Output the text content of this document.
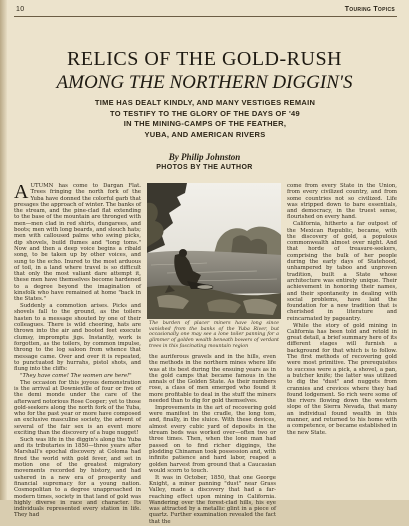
10	Touring Topics
RELICS OF THE GOLD-RUSH
AMONG THE NORTHERN DIGGIN'S
TIME HAS DEALT KINDLY, AND MANY VESTIGES REMAIN
TO TESTIFY TO THE GLORY OF THE DAYS OF '49
IN THE MINING-CAMPS OF THE FEATHER,
YUBA, AND AMERICAN RIVERS
By Philip Johnston
PHOTOS BY THE AUTHOR

AUTUMN has come to Dargan Flat. Trees fringing the north fork of the Yuba have donned the colorful garb that presages the approach of winter. The banks of the stream, and the pine-clad flat extending to the base of the mountain are thronged with men—men clad in red shirts, dungarees, and boots; men with long beards, and slouch hats; men with calloused palms who swing picks, dip shovels, build flumes and "long toms." Now and then a deep voice begins a ribald song, to be taken up by other voices, and sung to the echo. Inured to the most arduous of toil, in a land where travel is so difficult that only the most valiant dare attempt it, these men have themselves become hardened to a degree beyond the imagination of kinsfolk who have remained at home "back in the States."

Suddenly a commotion arises. Picks and shovels fall to the ground, as the toilers hasten to a message shouted by one of their colleagues. There is wild cheering, hats are thrown into the air and booted feet execute clumsy, impromptu jigs. Instantly, work is forgotten, as the toilers, by common impulse, throng to the log saloon from whence that message came. Over and over it is repeated, to punctuated by hurrahs, pistol shots, and flung into the cliffs:

"They have come! The women are here!"

The occasion for this joyous demonstration is the arrival at Downieville of four or five of the demi monde under the care of the afterward notorious Rose Cooper; yet to those gold-seekers along the north fork of the Yuba, who for the past year or more have composed an exclusive masculine society, the advent of several of the fair sex is an event more exciting than the discovery of a huge nugget!

Such was life in the diggin's along the Yuba and its tributaries in 1850—three years after Marshall's epochal discovery at Coloma had fired the world with gold fever, and set in motion one of the greatest migratory movements recorded by history, and had ushered in a new era of prosperity and financial supremacy for a young nation. Cosmopolitan to a degree unapproached in modern times, society in that land of gold was highly diverse in race and character. Its individuals represented every station in life. They had

The burden of placer miners have long since vanished from the banks of the Yuba River, but occasionally one may see a lone toiler panning for a glimmer of golden wealth beneath bowers of verdant trees in this fascinating mountain region

the auriferous gravels and in the hills, even the methods in the northern mines where life was at its best during the ensuing years as in the gold camps that became famous in the annals of the Golden State. As their numbers rose, a class of men emerged who found it more profitable to deal in the stuff the miners needed than to dig for gold themselves.

Improvements in the art of recovering gold were manifest in the cradle, the long tom, and, finally, in the sluice. With these devices, almost every cubic yard of deposits in the stream beds was worked over—often two or three times. Then, when the lone man had passed on to find richer diggings, the plodding Chinaman took possession and, with infinite patience and hard labor, reaped a golden harvest from ground that a Caucasian would scorn to touch.

It was in October, 1850, that one George Knight, a miner panning "dust" near Grass Valley, made a discovery that had a far-reaching effect upon mining in California. Wandering over the forest-clad hills, his eye was attracted by a metallic glint in a piece of quartz. Further examination revealed the fact that the

come from every State in the Union, from every civilized country, and from some countries not so civilized. Life was stripped down to bare essentials, and democracy, in the truest sense, flourished on every hand.

California, hitherto a far outpost of the Mexican Republic, became, with the discovery of gold, a populous commonwealth almost over night. And that horde of treasure-seekers, comprising the bulk of her people during the early days of Statehood, unhampered by taboo and unproven tradition, built a State whose architecture was entirely unique. Their achievement in honoring their names, and their spontaneity in dealing with social problems, have laid the foundation for a new tradition that is cherished in literature and reincarnated by pageantry.

While the story of gold mining in California has been told and retold in great detail, a brief summary here of its different stages will furnish a background for that which is to follow. The first methods of recovering gold were most primitive. The prerequisites to success were a pick, a shovel, a pan, a butcher knife; the latter was utilized to dig the "dust" and nuggets from crannies and crevices where they had found lodgement. So rich were some of the rivers flowing down the western slope of the Sierra Nevada, that many an individual found wealth in this manner, and returned to his home with a competence, or became established in the new State.
